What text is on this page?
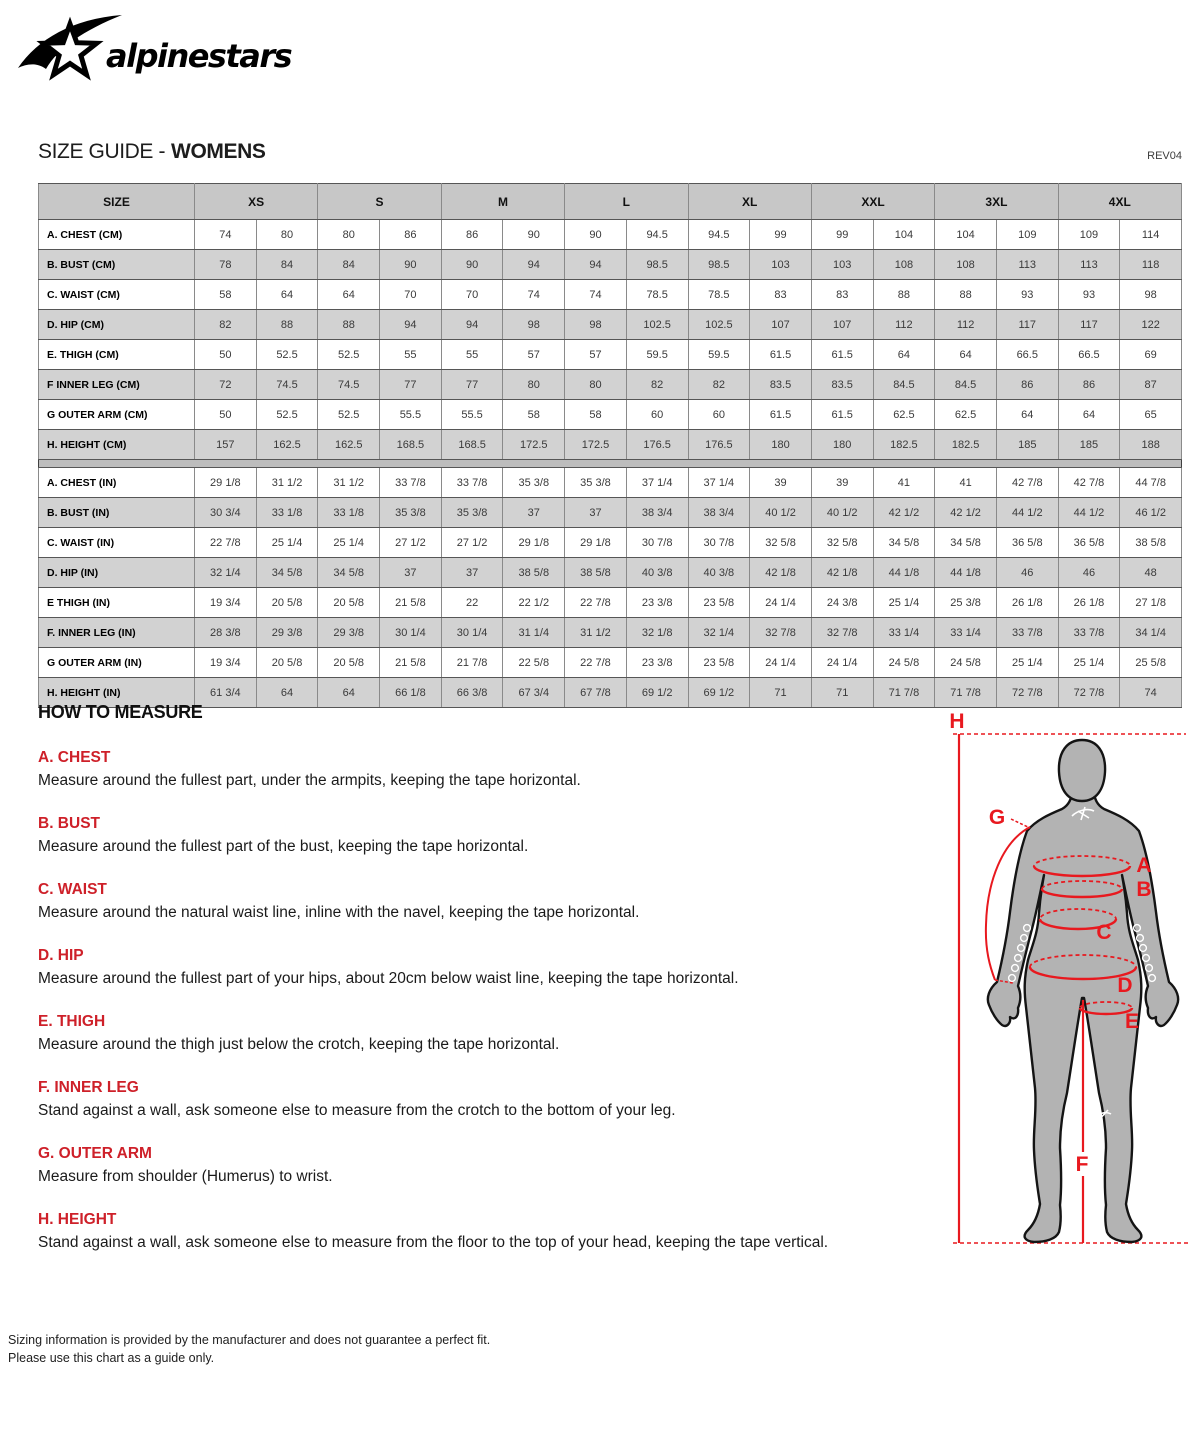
alpinestars
SIZE GUIDE - WOMENS	REV04
SIZE	XS		S		M		L		XL		XXL		3XL		4XL	
A. CHEST (CM)	74	80	80	86	86	90	90	94.5	94.5	99	99	104	104	109	109	114
B. BUST (CM)	78	84	84	90	90	94	94	98.5	98.5	103	103	108	108	113	113	118
C. WAIST (CM)	58	64	64	70	70	74	74	78.5	78.5	83	83	88	88	93	93	98
D. HIP (CM)	82	88	88	94	94	98	98	102.5	102.5	107	107	112	112	117	117	122
E. THIGH (CM)	50	52.5	52.5	55	55	57	57	59.5	59.5	61.5	61.5	64	64	66.5	66.5	69
F INNER LEG (CM)	72	74.5	74.5	77	77	80	80	82	82	83.5	83.5	84.5	84.5	86	86	87
G OUTER ARM (CM)	50	52.5	52.5	55.5	55.5	58	58	60	60	61.5	61.5	62.5	62.5	64	64	65
H. HEIGHT (CM)	157	162.5	162.5	168.5	168.5	172.5	172.5	176.5	176.5	180	180	182.5	182.5	185	185	188

A. CHEST (IN)	29 1/8	31 1/2	31 1/2	33 7/8	33 7/8	35 3/8	35 3/8	37 1/4	37 1/4	39	39	41	41	42 7/8	42 7/8	44 7/8
B. BUST (IN)	30 3/4	33 1/8	33 1/8	35 3/8	35 3/8	37	37	38 3/4	38 3/4	40 1/2	40 1/2	42 1/2	42 1/2	44 1/2	44 1/2	46 1/2
C. WAIST (IN)	22 7/8	25 1/4	25 1/4	27 1/2	27 1/2	29 1/8	29 1/8	30 7/8	30 7/8	32 5/8	32 5/8	34 5/8	34 5/8	36 5/8	36 5/8	38 5/8
D. HIP (IN)	32 1/4	34 5/8	34 5/8	37	37	38 5/8	38 5/8	40 3/8	40 3/8	42 1/8	42 1/8	44 1/8	44 1/8	46	46	48
E THIGH (IN)	19 3/4	20 5/8	20 5/8	21 5/8	22	22 1/2	22 7/8	23 3/8	23 5/8	24 1/4	24 3/8	25 1/4	25 3/8	26 1/8	26 1/8	27 1/8
F. INNER LEG (IN)	28 3/8	29 3/8	29 3/8	30 1/4	30 1/4	31 1/4	31 1/2	32 1/8	32 1/4	32 7/8	32 7/8	33 1/4	33 1/4	33 7/8	33 7/8	34 1/4
G OUTER ARM (IN)	19 3/4	20 5/8	20 5/8	21 5/8	21 7/8	22 5/8	22 7/8	23 3/8	23 5/8	24 1/4	24 1/4	24 5/8	24 5/8	25 1/4	25 1/4	25 5/8
H. HEIGHT (IN)	61 3/4	64	64	66 1/8	66 3/8	67 3/4	67 7/8	69 1/2	69 1/2	71	71	71 7/8	71 7/8	72 7/8	72 7/8	74
HOW TO MEASURE
A. CHEST
Measure around the fullest part, under the armpits, keeping the tape horizontal.
B. BUST
Measure around the fullest part of the bust, keeping the tape horizontal.
C. WAIST
Measure around the natural waist line, inline with the navel, keeping the tape horizontal.
D. HIP
Measure around the fullest part of your hips, about 20cm below waist line, keeping the tape horizontal.
E. THIGH
Measure around the thigh just below the crotch, keeping the tape horizontal.
F. INNER LEG
Stand against a wall, ask someone else to measure from the crotch to the bottom of your leg.
G. OUTER ARM
Measure from shoulder (Humerus) to wrist.
H. HEIGHT
Stand against a wall, ask someone else to measure from the floor to the top of your head, keeping the tape vertical.
A
B
C
D
E
F
G
H
Sizing information is provided by the manufacturer and does not guarantee a perfect fit.
Please use this chart as a guide only.
